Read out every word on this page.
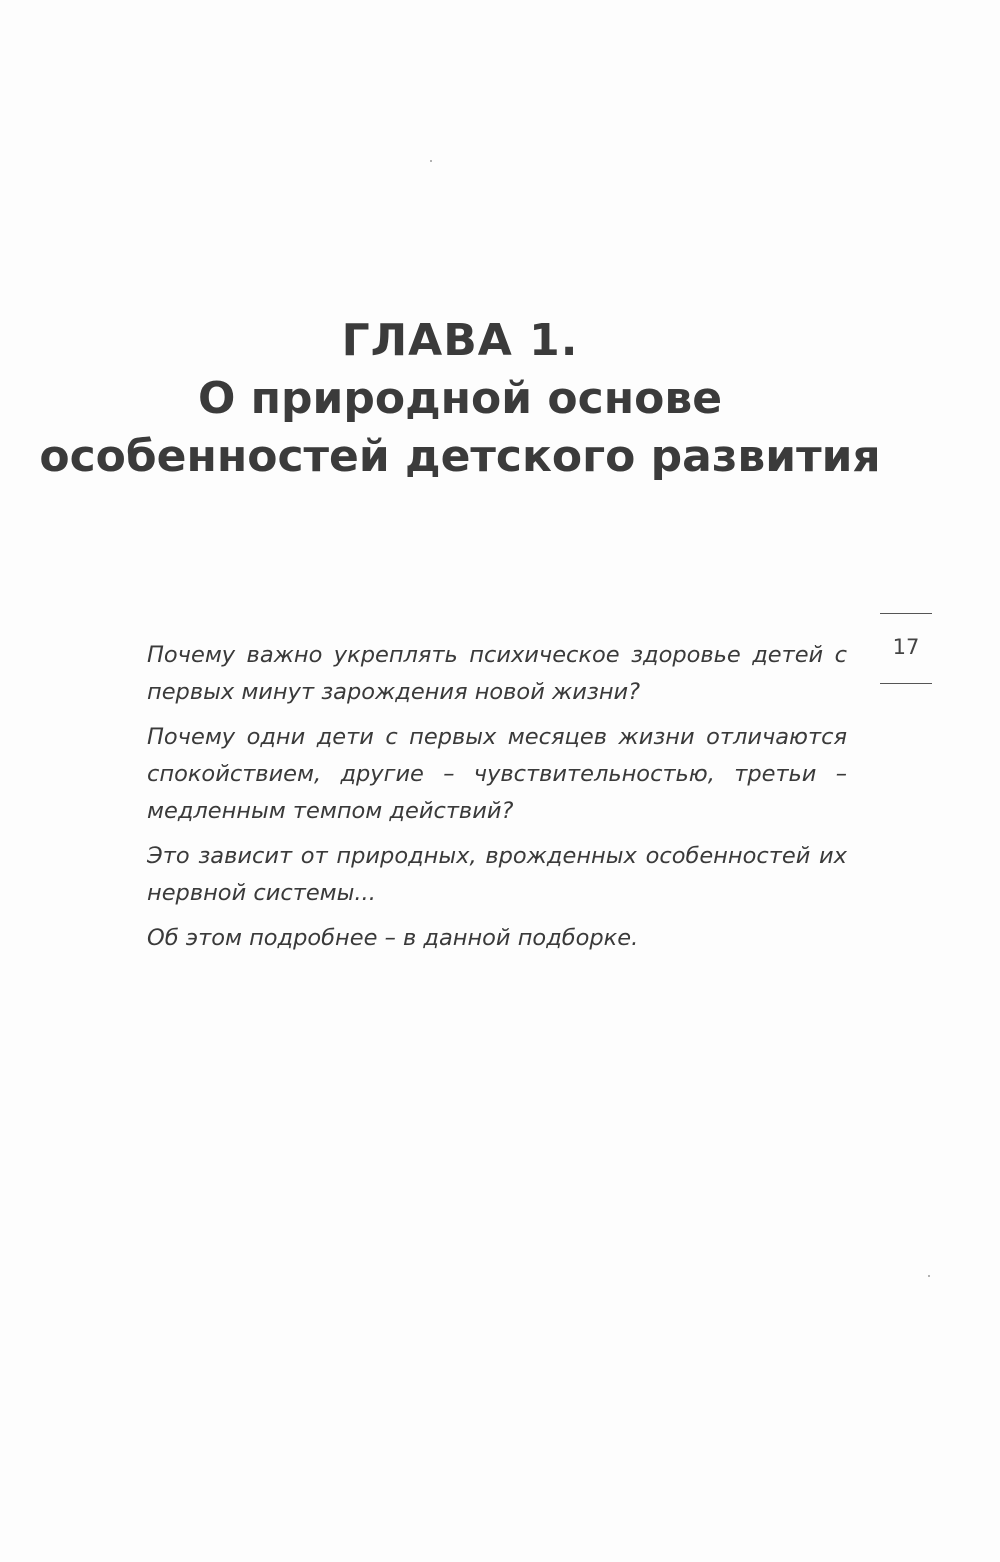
ГЛАВА 1.
О природной основе
особенностей детского развития
17

Почему важно укреплять психическое здоровье детей с первых минут зарождения новой жизни?

Почему одни дети с первых месяцев жизни отличаются спокойствием, другие – чувствительностью, третьи – медленным темпом действий?

Это зависит от природных, врожденных особенностей их нервной системы...

Об этом подробнее – в данной подборке.
